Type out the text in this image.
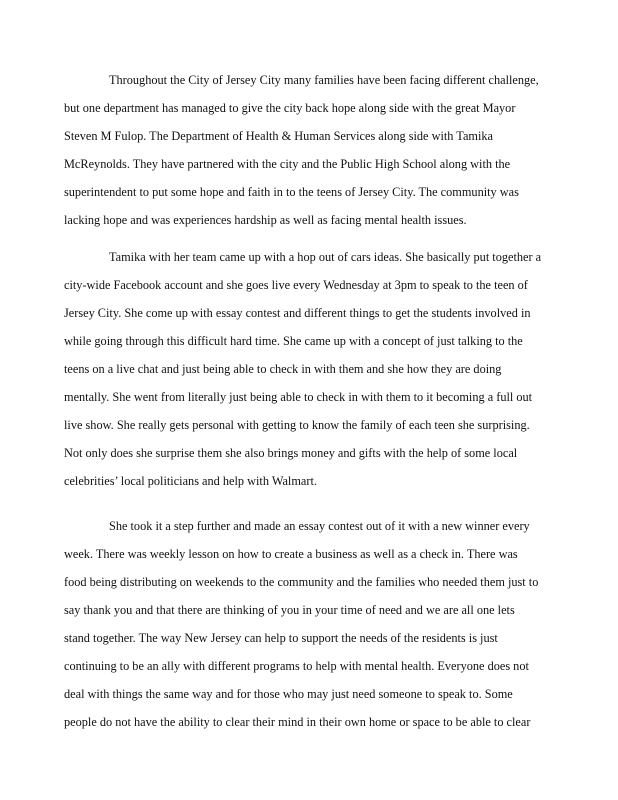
Throughout the City of Jersey City many families have been facing different challenge,
but one department has managed to give the city back hope along side with the great Mayor
Steven M Fulop. The Department of Health & Human Services along side with Tamika
McReynolds. They have partnered with the city and the Public High School along with the
superintendent to put some hope and faith in to the teens of Jersey City. The community was
lacking hope and was experiences hardship as well as facing mental health issues.
Tamika with her team came up with a hop out of cars ideas. She basically put together a
city-wide Facebook account and she goes live every Wednesday at 3pm to speak to the teen of
Jersey City. She come up with essay contest and different things to get the students involved in
while going through this difficult hard time. She came up with a concept of just talking to the
teens on a live chat and just being able to check in with them and she how they are doing
mentally. She went from literally just being able to check in with them to it becoming a full out
live show. She really gets personal with getting to know the family of each teen she surprising.
Not only does she surprise them she also brings money and gifts with the help of some local
celebrities’ local politicians and help with Walmart.
She took it a step further and made an essay contest out of it with a new winner every
week. There was weekly lesson on how to create a business as well as a check in. There was
food being distributing on weekends to the community and the families who needed them just to
say thank you and that there are thinking of you in your time of need and we are all one lets
stand together. The way New Jersey can help to support the needs of the residents is just
continuing to be an ally with different programs to help with mental health. Everyone does not
deal with things the same way and for those who may just need someone to speak to. Some
people do not have the ability to clear their mind in their own home or space to be able to clear
